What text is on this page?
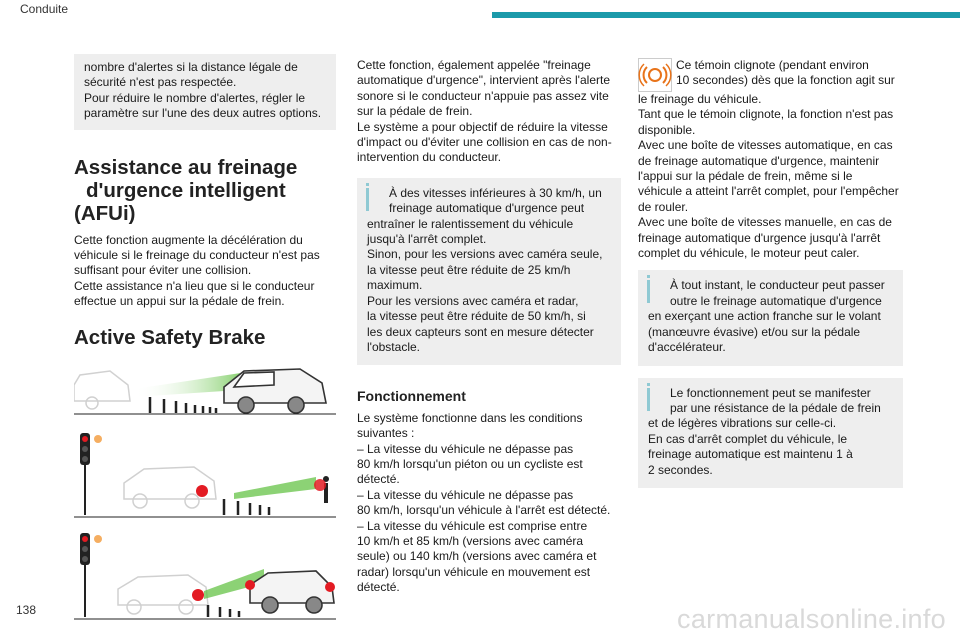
Conduite

nombre d'alertes si la distance légale de
sécurité n'est pas respectée.
Pour réduire le nombre d'alertes, régler le
paramètre sur l'une des deux autres options.

Assistance au freinage
d'urgence intelligent (AFUi)

Cette fonction augmente la décélération du
véhicule si le freinage du conducteur n'est pas
suffisant pour éviter une collision.
Cette assistance n'a lieu que si le conducteur
effectue un appui sur la pédale de frein.

Active Safety Brake

Cette fonction, également appelée "freinage
automatique d'urgence", intervient après l'alerte
sonore si le conducteur n'appuie pas assez vite
sur la pédale de frein.
Le système a pour objectif de réduire la vitesse
d'impact ou d'éviter une collision en cas de non-
intervention du conducteur.

À des vitesses inférieures à 30 km/h, un
freinage automatique d'urgence peut

entraîner le ralentissement du véhicule
jusqu'à l'arrêt complet.
Sinon, pour les versions avec caméra seule,
la vitesse peut être réduite de 25 km/h
maximum.
Pour les versions avec caméra et radar,
la vitesse peut être réduite de 50 km/h, si
les deux capteurs sont en mesure détecter
l'obstacle.

Fonctionnement

Le système fonctionne dans les conditions
suivantes :
– La vitesse du véhicule ne dépasse pas
80 km/h lorsqu'un piéton ou un cycliste est
détecté.
– La vitesse du véhicule ne dépasse pas
80 km/h, lorsqu'un véhicule à l'arrêt est détecté.
– La vitesse du véhicule est comprise entre
10 km/h et 85 km/h (versions avec caméra
seule) ou 140 km/h (versions avec caméra et
radar) lorsqu'un véhicule en mouvement est
détecté.

Ce témoin clignote (pendant environ
10 secondes) dès que la fonction agit sur

le freinage du véhicule.
Tant que le témoin clignote, la fonction n'est pas
disponible.
Avec une boîte de vitesses automatique, en cas
de freinage automatique d'urgence, maintenir
l'appui sur la pédale de frein, même si le
véhicule a atteint l'arrêt complet, pour l'empêcher
de rouler.
Avec une boîte de vitesses manuelle, en cas de
freinage automatique d'urgence jusqu'à l'arrêt
complet du véhicule, le moteur peut caler.

À tout instant, le conducteur peut passer
outre le freinage automatique d'urgence

en exerçant une action franche sur le volant
(manœuvre évasive) et/ou sur la pédale
d'accélérateur.

Le fonctionnement peut se manifester
par une résistance de la pédale de frein

et de légères vibrations sur celle-ci.
En cas d'arrêt complet du véhicule, le
freinage automatique est maintenu 1 à
2 secondes.

138	carmanualsonline.info
